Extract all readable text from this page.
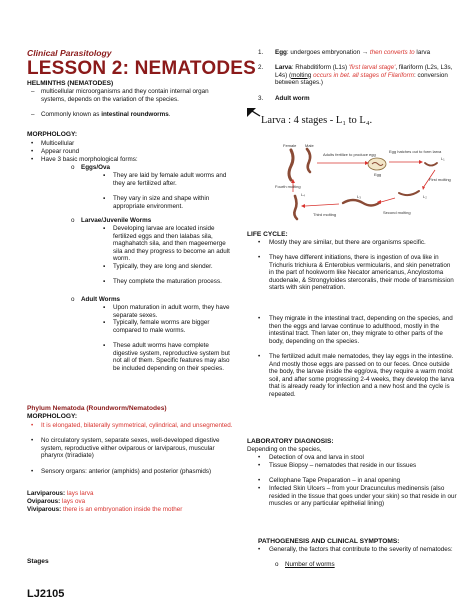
Clinical Parasitology

LESSON 2: NEMATODES

HELMINTHS (NEMATODES)

– multicellular microorganisms and they contain internal organ systems, depends on the variation of the species.
– Commonly known as intestinal roundworms.

MORPHOLOGY:

• Multicellular
• Appear round
• Have 3 basic morphological forms:
o Eggs/Ova
▪ They are laid by female adult worms and they are fertilized after.
▪ They vary in size and shape within appropriate environment.
o Larvae/Juvenile Worms
▪ Developing larvae are located inside fertilized eggs and then lalabas sila, maghahatch sila, and then mageemerge sila and they progress to become an adult worm.
▪ Typically, they are long and slender.
▪ They complete the maturation process.
o Adult Worms
▪ Upon maturation in adult worm, they have separate sexes.
▪ Typically, female worms are bigger compared to male worms.
▪ These adult worms have complete digestive system, reproductive system but not all of them. Specific features may also be included depending on their species.

Phylum Nematoda (Roundworm/Nematodes)

MORPHOLOGY:

• It is elongated, bilaterally symmetrical, cylindrical, and unsegmented.
• No circulatory system, separate sexes, well-developed digestive system, reproductive either oviparous or larviparous, muscular pharynx (triradiate)
• Sensory organs: anterior (amphids) and posterior (phasmids)
Larviparous: lays larva
Oviparous: lays ova
Viviparous: there is an embryonation inside the mother

Stages

LJ2105

1. Egg: undergoes embryonation → then converts to larva
2. Larva: Rhabditiform (L1s) 'first larval stage', filariform (L2s, L3s, L4s) (molting occurs in bet. all stages of Filariform: conversion between stages.)
3. Adult worm
Larva : 4 stages - L₁ to L₄.
Female Male
Adults fertilize to produce egg
Egg hatches out to form larva
Egg
L₁
L₂
L₃
L₄
Fourth molting
First molting
Third molting	Second molting

LIFE CYCLE:

• Mostly they are similar, but there are organisms specific.
• They have different initiations, there is ingestion of ova like in Trichuris trichiura & Enterobius vermicularis, and skin penetration in the part of hookworm like Necator americanus, Ancylostoma duodenale, & Strongyloides stercoralis, their mode of transmission starts with skin penetration.
• They migrate in the intestinal tract, depending on the species, and then the eggs and larvae continue to adulthood, mostly in the intestinal tract. Then later on, they migrate to other parts of the body, depending on the species.
• The fertilized adult male nematodes, they lay eggs in the intestine. And mostly those eggs are passed on to our feces. Once outside the body, the larvae inside the egg/ova, they require a warm moist soil, and after some progressing 2-4 weeks, they develop the larva that is already ready for infection and a new host and the cycle is repeated.

LABORATORY DIAGNOSIS:

Depending on the species,
• Detection of ova and larva in stool
• Tissue Biopsy – nematodes that reside in our tissues
• Cellophane Tape Preparation – in anal opening
• Infected Skin Ulcers – from your Dracunculus medinensis (also resided in the tissue that goes under your skin) so that reside in our muscles or any particular epithelial lining)

PATHOGENESIS AND CLINICAL SYMPTOMS:

• Generally, the factors that contribute to the severity of nematodes:
o Number of worms
